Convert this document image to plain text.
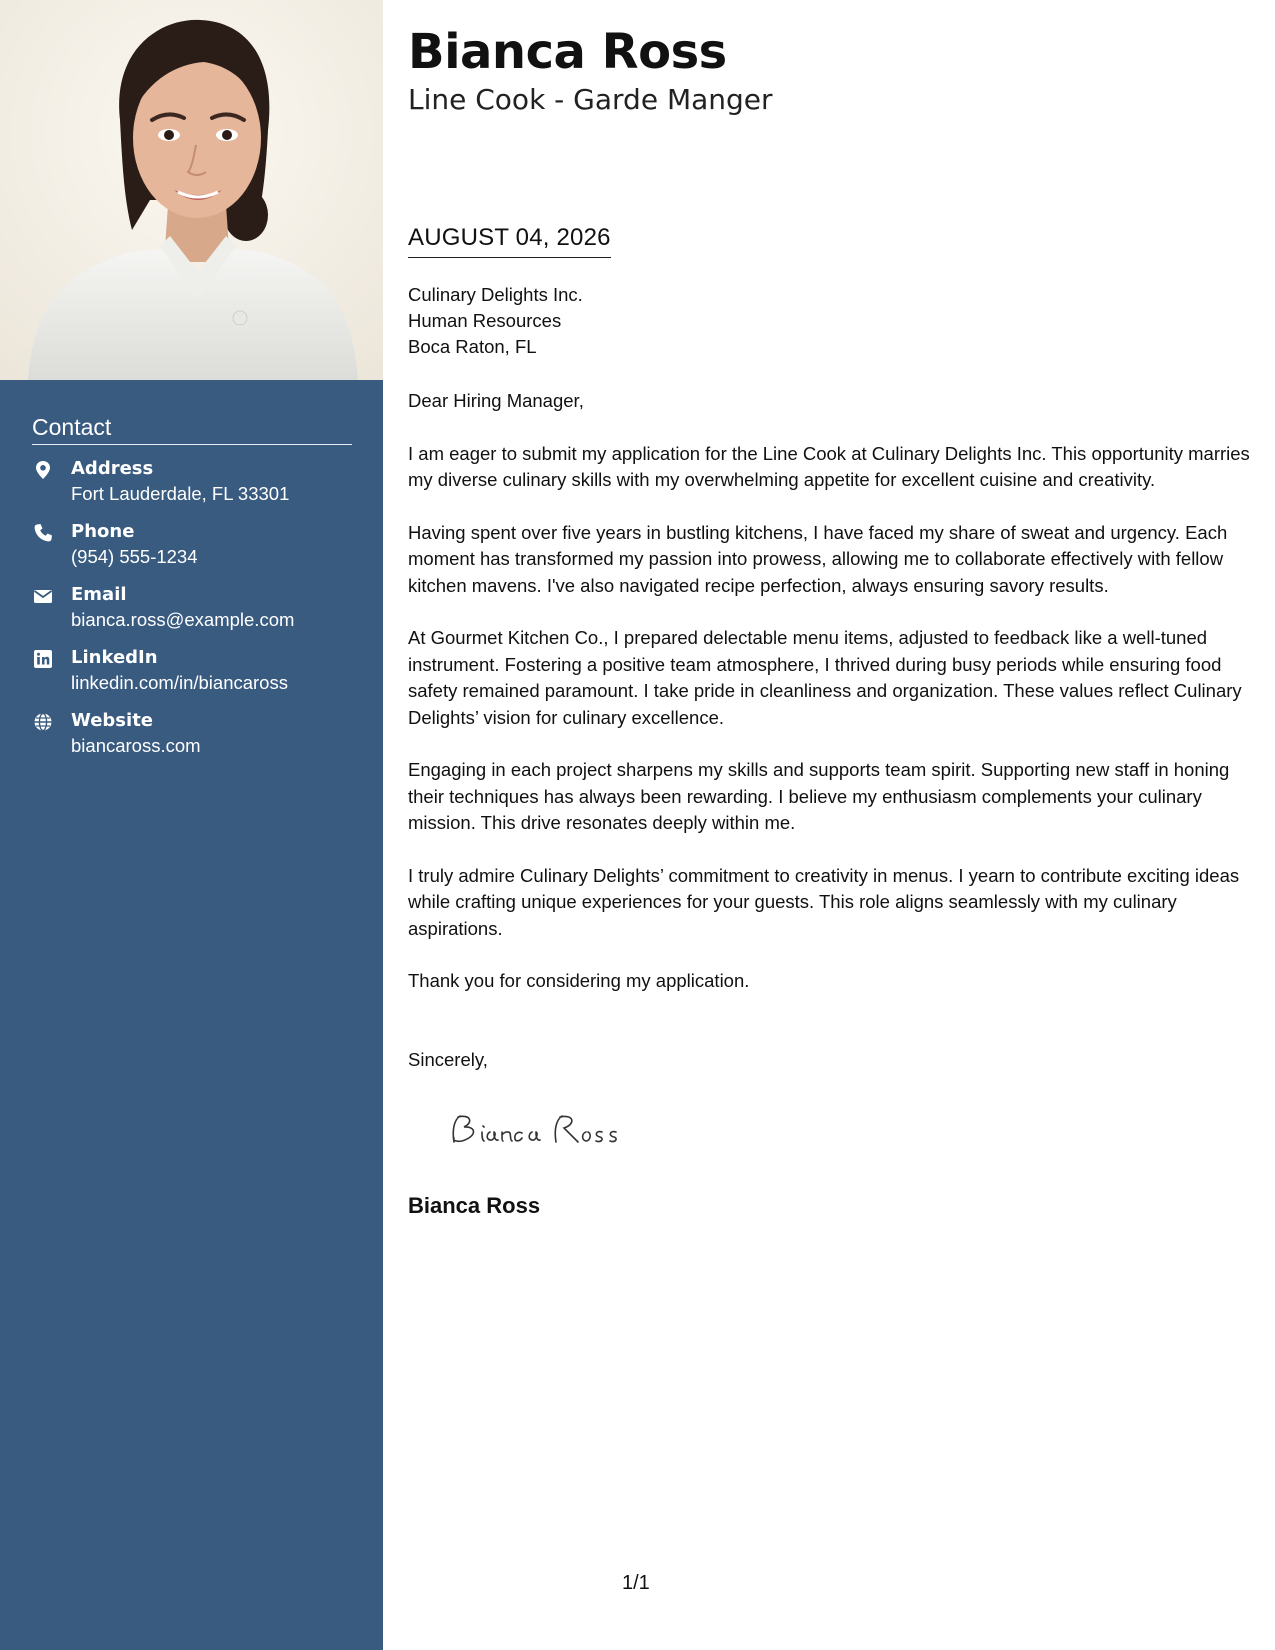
Contact
Address
Fort Lauderdale, FL 33301
Phone
(954) 555-1234
Email
bianca.ross@example.com
LinkedIn
linkedin.com/in/biancaross
Website
biancaross.com
Bianca Ross
Line Cook - Garde Manger
AUGUST 04, 2026
Culinary Delights Inc.
Human Resources
Boca Raton, FL

Dear Hiring Manager,

I am eager to submit my application for the Line Cook at Culinary Delights Inc. This opportunity marries my diverse culinary skills with my overwhelming appetite for excellent cuisine and creativity.

Having spent over five years in bustling kitchens, I have faced my share of sweat and urgency. Each moment has transformed my passion into prowess, allowing me to collaborate effectively with fellow kitchen mavens. I've also navigated recipe perfection, always ensuring savory results.

At Gourmet Kitchen Co., I prepared delectable menu items, adjusted to feedback like a well-tuned instrument. Fostering a positive team atmosphere, I thrived during busy periods while ensuring food safety remained paramount. I take pride in cleanliness and organization. These values reflect Culinary Delights’ vision for culinary excellence.

Engaging in each project sharpens my skills and supports team spirit. Supporting new staff in honing their techniques has always been rewarding. I believe my enthusiasm complements your culinary mission. This drive resonates deeply within me.

I truly admire Culinary Delights’ commitment to creativity in menus. I yearn to contribute exciting ideas while crafting unique experiences for your guests. This role aligns seamlessly with my culinary aspirations.

Thank you for considering my application.

Sincerely,
Bianca Ross
1/1
